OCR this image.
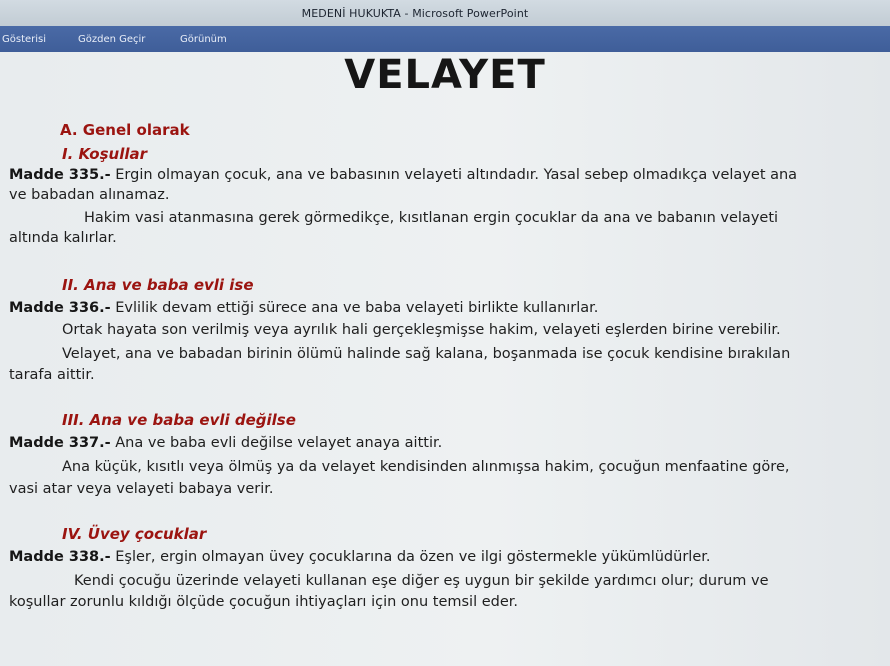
MEDENİ HUKUKTA - Microsoft PowerPoint
Gösterisi	Gözden Geçir	Görünüm
VELAYET
A. Genel olarak
I. Koşullar
Madde 335.- Ergin olmayan çocuk, ana ve babasının velayeti altındadır. Yasal sebep olmadıkça velayet ana
ve babadan alınamaz.
Hakim vasi atanmasına gerek görmedikçe, kısıtlanan ergin çocuklar da ana ve babanın velayeti
altında kalırlar.
II. Ana ve baba evli ise
Madde 336.- Evlilik devam ettiği sürece ana ve baba velayeti birlikte kullanırlar.
Ortak hayata son verilmiş veya ayrılık hali gerçekleşmişse hakim, velayeti eşlerden birine verebilir.
Velayet, ana ve babadan birinin ölümü halinde sağ kalana, boşanmada ise çocuk kendisine bırakılan
tarafa aittir.
III. Ana ve baba evli değilse
Madde 337.- Ana ve baba evli değilse velayet anaya aittir.
Ana küçük, kısıtlı veya ölmüş ya da velayet kendisinden alınmışsa hakim, çocuğun menfaatine göre,
vasi atar veya velayeti babaya verir.
IV. Üvey çocuklar
Madde 338.- Eşler, ergin olmayan üvey çocuklarına da özen ve ilgi göstermekle yükümlüdürler.
Kendi çocuğu üzerinde velayeti kullanan eşe diğer eş uygun bir şekilde yardımcı olur; durum ve
koşullar zorunlu kıldığı ölçüde çocuğun ihtiyaçları için onu temsil eder.
